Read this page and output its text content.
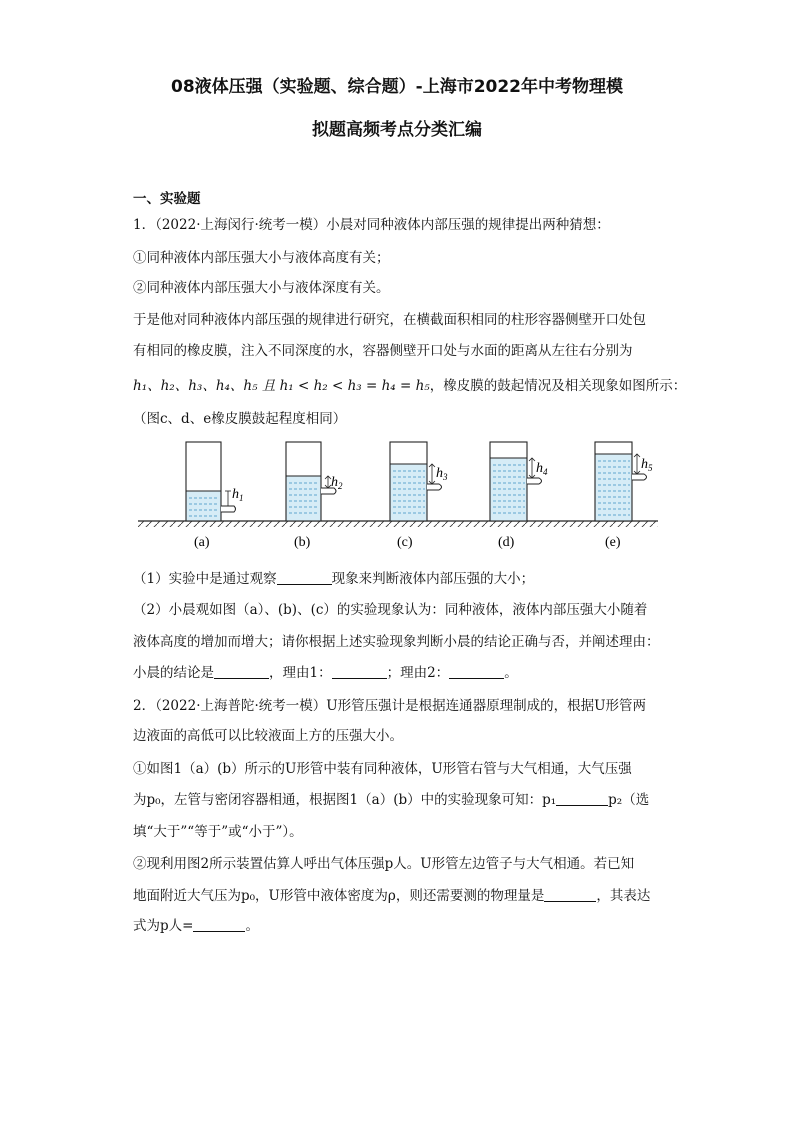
08液体压强（实验题、综合题）-上海市2022年中考物理模
拟题高频考点分类汇编
一、实验题
1．（2022·上海闵行·统考一模）小晨对同种液体内部压强的规律提出两种猜想：
①同种液体内部压强大小与液体高度有关；
②同种液体内部压强大小与液体深度有关。
于是他对同种液体内部压强的规律进行研究，在横截面积相同的柱形容器侧壁开口处包
有相同的橡皮膜，注入不同深度的水，容器侧壁开口处与水面的距离从左往右分别为
h₁、h₂、h₃、h₄、h₅ 且 h₁ < h₂ < h₃ = h₄ = h₅，橡皮膜的鼓起情况及相关现象如图所示：
（图c、d、e橡皮膜鼓起程度相同）
$h_1$
$h_2$
$h_3$
$h_4$	$h_5$
(a)	(b)	(c)	(d)	(e)
（1）实验中是通过观察	现象来判断液体内部压强的大小；
（2）小晨观如图（a）、(b)、(c）的实验现象认为：同种液体，液体内部压强大小随着
液体高度的增加而增大；请你根据上述实验现象判断小晨的结论正确与否，并阐述理由：
小晨的结论是	，理由1：	；理由2：	。
2．（2022·上海普陀·统考一模）U形管压强计是根据连通器原理制成的，根据U形管两
边液面的高低可以比较液面上方的压强大小。
①如图1（a）(b）所示的U形管中装有同种液体，U形管右管与大气相通，大气压强
为p₀，左管与密闭容器相通，根据图1（a）(b）中的实验现象可知：p₁	p₂（选
填“大于”“等于”或“小于”）。
②现利用图2所示装置估算人呼出气体压强p人。U形管左边管子与大气相通。若已知
地面附近大气压为p₀，U形管中液体密度为ρ，则还需要测的物理量是	，其表达
式为p人=	。
